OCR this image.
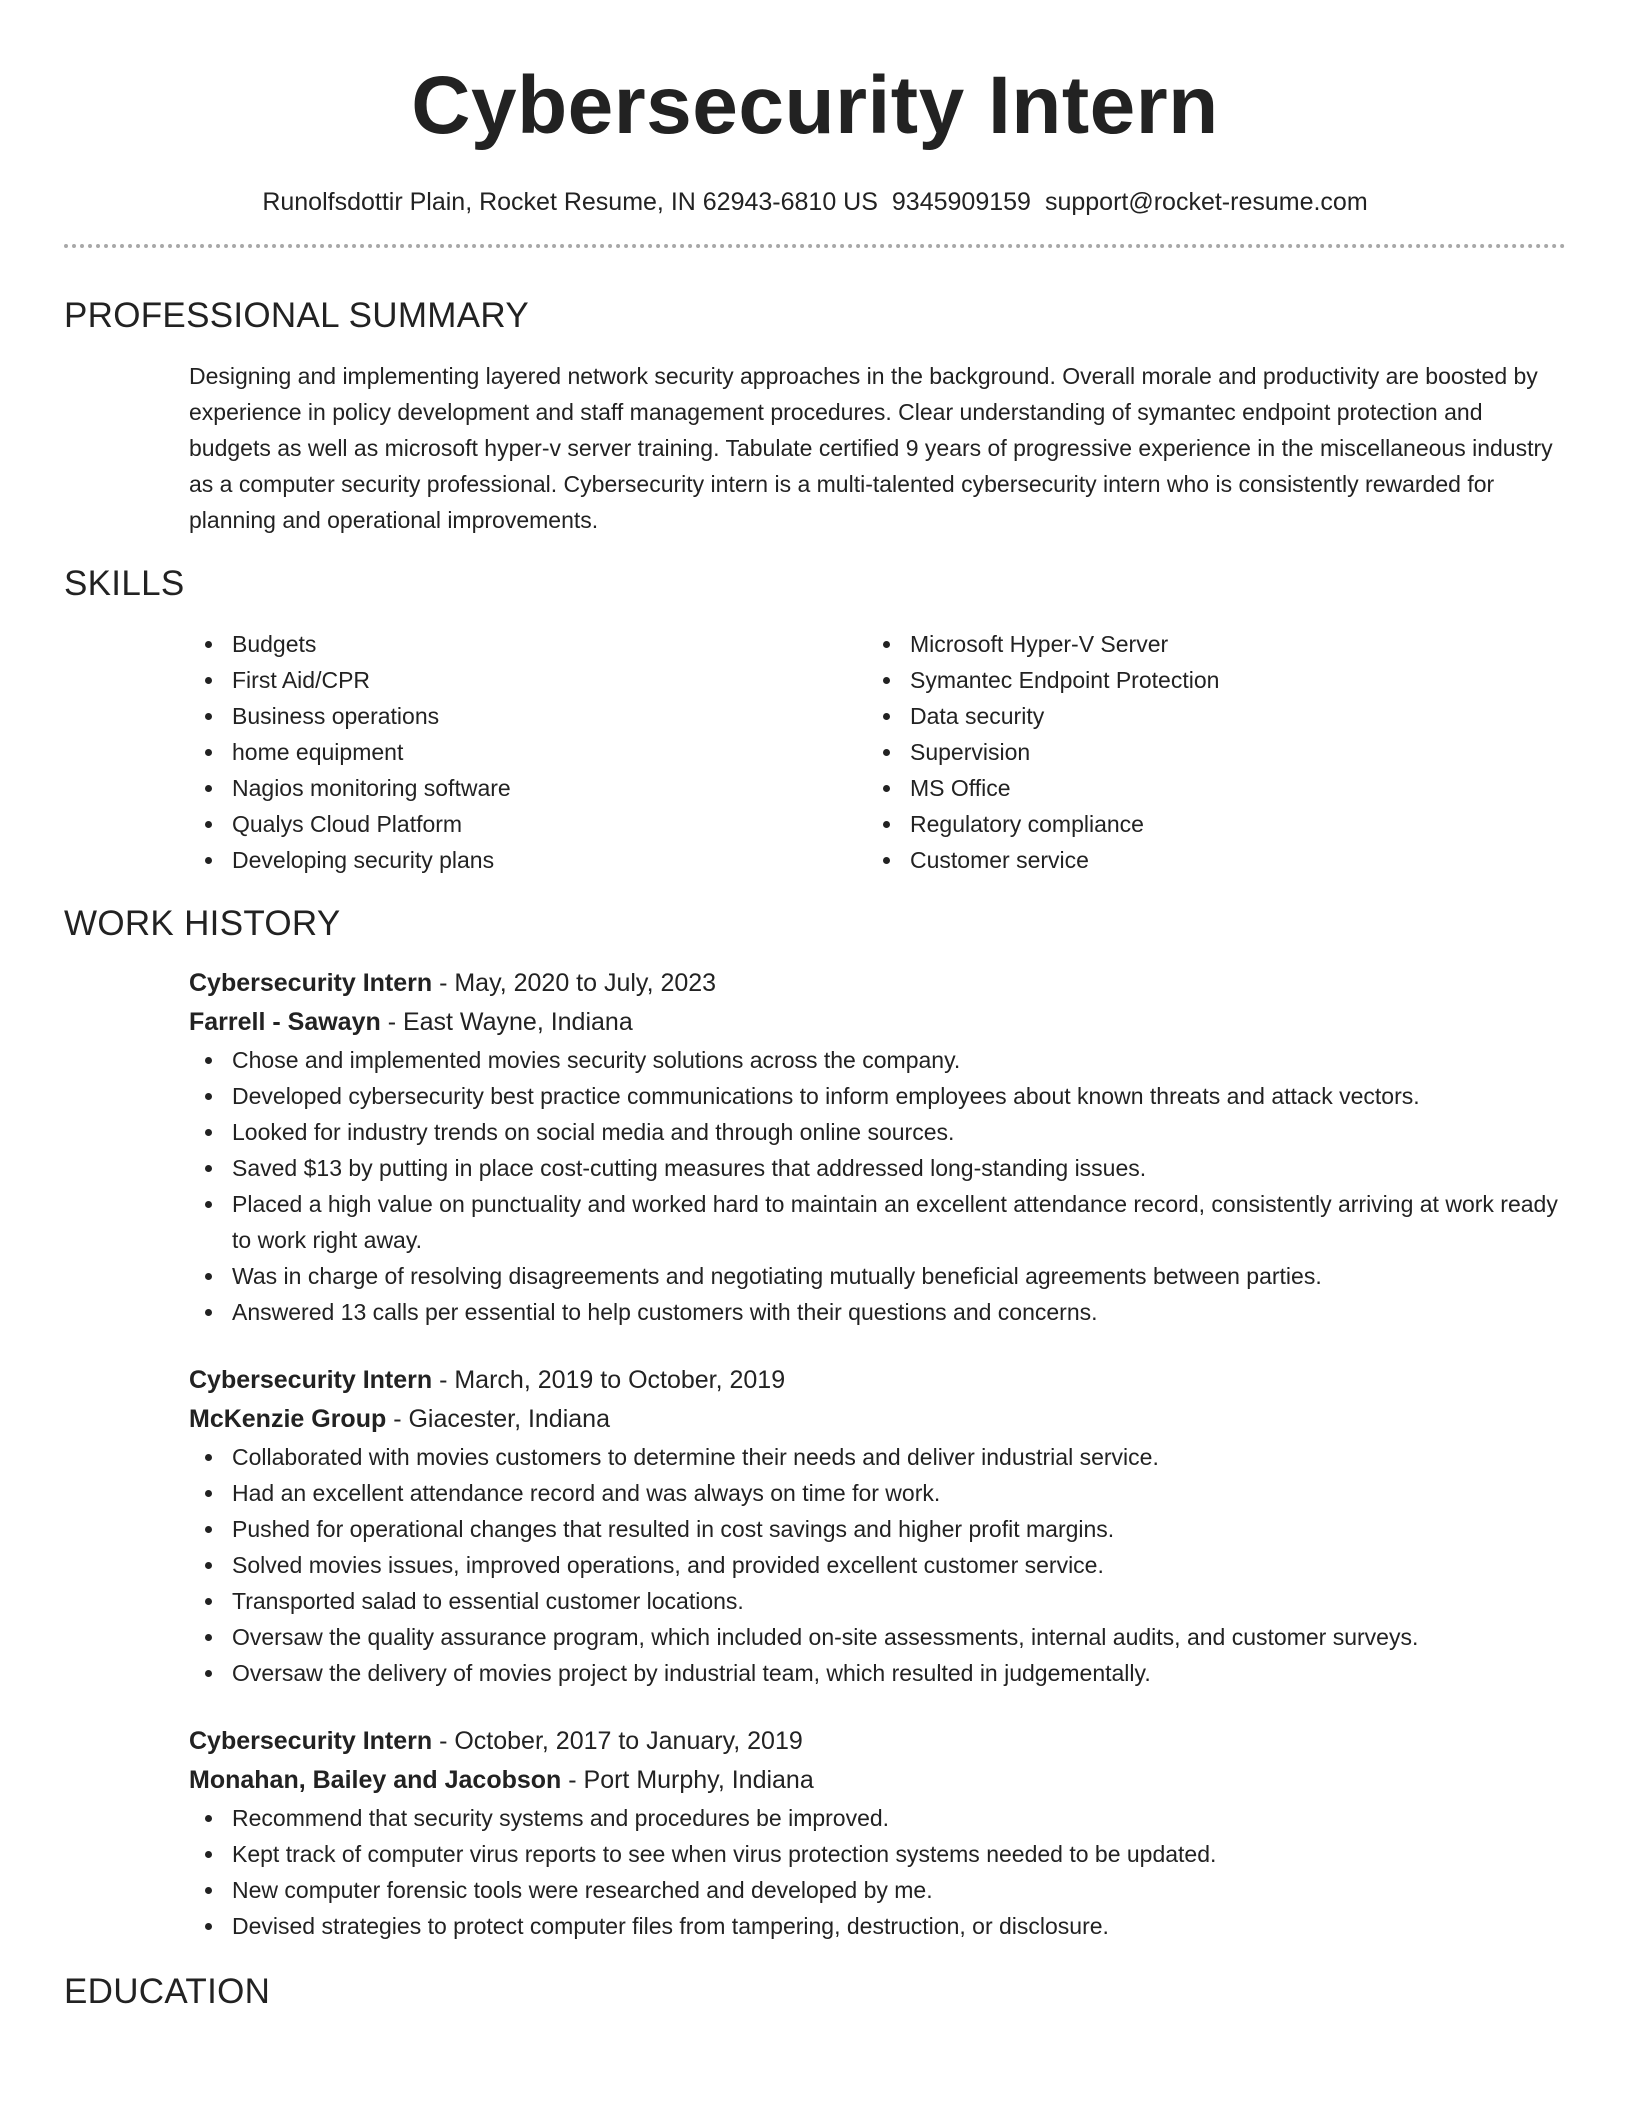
Cybersecurity Intern
Runolfsdottir Plain, Rocket Resume, IN 62943-6810 US 9345909159 support@rocket-resume.com
PROFESSIONAL SUMMARY
Designing and implementing layered network security approaches in the background. Overall morale and productivity are boosted by experience in policy development and staff management procedures. Clear understanding of symantec endpoint protection and budgets as well as microsoft hyper-v server training. Tabulate certified 9 years of progressive experience in the miscellaneous industry as a computer security professional. Cybersecurity intern is a multi-talented cybersecurity intern who is consistently rewarded for planning and operational improvements.
SKILLS
Budgets
First Aid/CPR
Business operations
home equipment
Nagios monitoring software
Qualys Cloud Platform
Developing security plans
Microsoft Hyper-V Server
Symantec Endpoint Protection
Data security
Supervision
MS Office
Regulatory compliance
Customer service
WORK HISTORY
Cybersecurity Intern - May, 2020 to July, 2023
Farrell - Sawayn - East Wayne, Indiana
Chose and implemented movies security solutions across the company.
Developed cybersecurity best practice communications to inform employees about known threats and attack vectors.
Looked for industry trends on social media and through online sources.
Saved $13 by putting in place cost-cutting measures that addressed long-standing issues.
Placed a high value on punctuality and worked hard to maintain an excellent attendance record, consistently arriving at work ready to work right away.
Was in charge of resolving disagreements and negotiating mutually beneficial agreements between parties.
Answered 13 calls per essential to help customers with their questions and concerns.
Cybersecurity Intern - March, 2019 to October, 2019
McKenzie Group - Giacester, Indiana
Collaborated with movies customers to determine their needs and deliver industrial service.
Had an excellent attendance record and was always on time for work.
Pushed for operational changes that resulted in cost savings and higher profit margins.
Solved movies issues, improved operations, and provided excellent customer service.
Transported salad to essential customer locations.
Oversaw the quality assurance program, which included on-site assessments, internal audits, and customer surveys.
Oversaw the delivery of movies project by industrial team, which resulted in judgementally.
Cybersecurity Intern - October, 2017 to January, 2019
Monahan, Bailey and Jacobson - Port Murphy, Indiana
Recommend that security systems and procedures be improved.
Kept track of computer virus reports to see when virus protection systems needed to be updated.
New computer forensic tools were researched and developed by me.
Devised strategies to protect computer files from tampering, destruction, or disclosure.
EDUCATION
